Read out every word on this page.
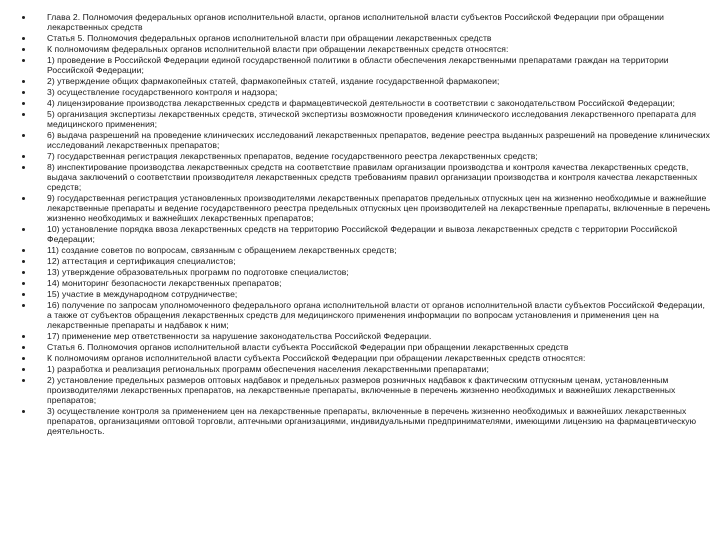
Глава 2. Полномочия федеральных органов исполнительной власти, органов исполнительной власти субъектов Российской Федерации при обращении лекарственных средств
Статья 5. Полномочия федеральных органов исполнительной власти при обращении лекарственных средств
К полномочиям федеральных органов исполнительной власти при обращении лекарственных средств относятся:
1) проведение в Российской Федерации единой государственной политики в области обеспечения лекарственными препаратами граждан на территории Российской Федерации;
2) утверждение общих фармакопейных статей, фармакопейных статей, издание государственной фармакопеи;
3) осуществление государственного контроля и надзора;
4) лицензирование производства лекарственных средств и фармацевтической деятельности в соответствии с законодательством Российской Федерации;
5) организация экспертизы лекарственных средств, этической экспертизы возможности проведения клинического исследования лекарственного препарата для медицинского применения;
6) выдача разрешений на проведение клинических исследований лекарственных препаратов, ведение реестра выданных разрешений на проведение клинических исследований лекарственных препаратов;
7) государственная регистрация лекарственных препаратов, ведение государственного реестра лекарственных средств;
8) инспектирование производства лекарственных средств на соответствие правилам организации производства и контроля качества лекарственных средств, выдача заключений о соответствии производителя лекарственных средств требованиям правил организации производства и контроля качества лекарственных средств;
9) государственная регистрация установленных производителями лекарственных препаратов предельных отпускных цен на жизненно необходимые и важнейшие лекарственные препараты и ведение государственного реестра предельных отпускных цен производителей на лекарственные препараты, включенные в перечень жизненно необходимых и важнейших лекарственных препаратов;
10) установление порядка ввоза лекарственных средств на территорию Российской Федерации и вывоза лекарственных средств с территории Российской Федерации;
11) создание советов по вопросам, связанным с обращением лекарственных средств;
12) аттестация и сертификация специалистов;
13) утверждение образовательных программ по подготовке специалистов;
14) мониторинг безопасности лекарственных препаратов;
15) участие в международном сотрудничестве;
16) получение по запросам уполномоченного федерального органа исполнительной власти от органов исполнительной власти субъектов Российской Федерации, а также от субъектов обращения лекарственных средств для медицинского применения информации по вопросам установления и применения цен на лекарственные препараты и надбавок к ним;
17) применение мер ответственности за нарушение законодательства Российской Федерации.
Статья 6. Полномочия органов исполнительной власти субъекта Российской Федерации при обращении лекарственных средств
К полномочиям органов исполнительной власти субъекта Российской Федерации при обращении лекарственных средств относятся:
1) разработка и реализация региональных программ обеспечения населения лекарственными препаратами;
2) установление предельных размеров оптовых надбавок и предельных размеров розничных надбавок к фактическим отпускным ценам, установленным производителями лекарственных препаратов, на лекарственные препараты, включенные в перечень жизненно необходимых и важнейших лекарственных препаратов;
3) осуществление контроля за применением цен на лекарственные препараты, включенные в перечень жизненно необходимых и важнейших лекарственных препаратов, организациями оптовой торговли, аптечными организациями, индивидуальными предпринимателями, имеющими лицензию на фармацевтическую деятельность.
